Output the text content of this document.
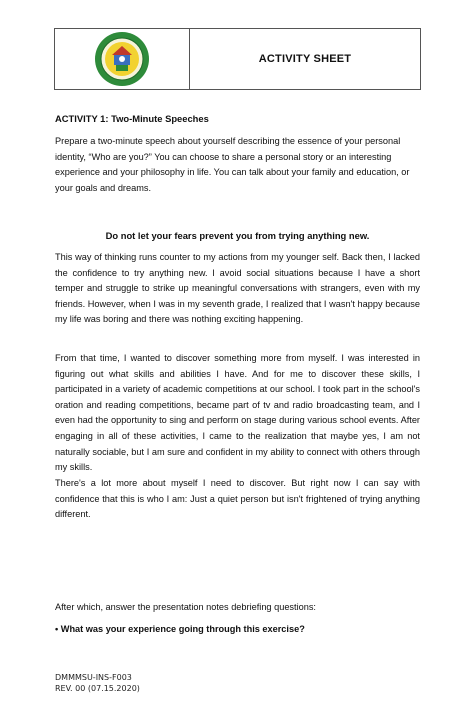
ACTIVITY SHEET
ACTIVITY 1: Two-Minute Speeches
Prepare a two-minute speech about yourself describing the essence of your personal identity, “Who are you?” You can choose to share a personal story or an interesting experience and your philosophy in life. You can talk about your family and education, or your goals and dreams.
Do not let your fears prevent you from trying anything new.

This way of thinking runs counter to my actions from my younger self. Back then, I lacked the confidence to try anything new. I avoid social situations because I have a short temper and struggle to strike up meaningful conversations with strangers, even with my friends. However, when I was in my seventh grade, I realized that I wasn't happy because my life was boring and there was nothing exciting happening.

From that time, I wanted to discover something more from myself. I was interested in figuring out what skills and abilities I have. And for me to discover these skills, I participated in a variety of academic competitions at our school. I took part in the school's oration and reading competitions, became part of tv and radio broadcasting team, and I even had the opportunity to sing and perform on stage during various school events. After engaging in all of these activities, I came to the realization that maybe yes, I am not naturally sociable, but I am sure and confident in my ability to connect with others through my skills.

There's a lot more about myself I need to discover. But right now I can say with confidence that this is who I am: Just a quiet person but isn't frightened of trying anything different.

After which, answer the presentation notes debriefing questions:
• What was your experience going through this exercise?
DMMMSU-INS-F003
REV. 00 (07.15.2020)
